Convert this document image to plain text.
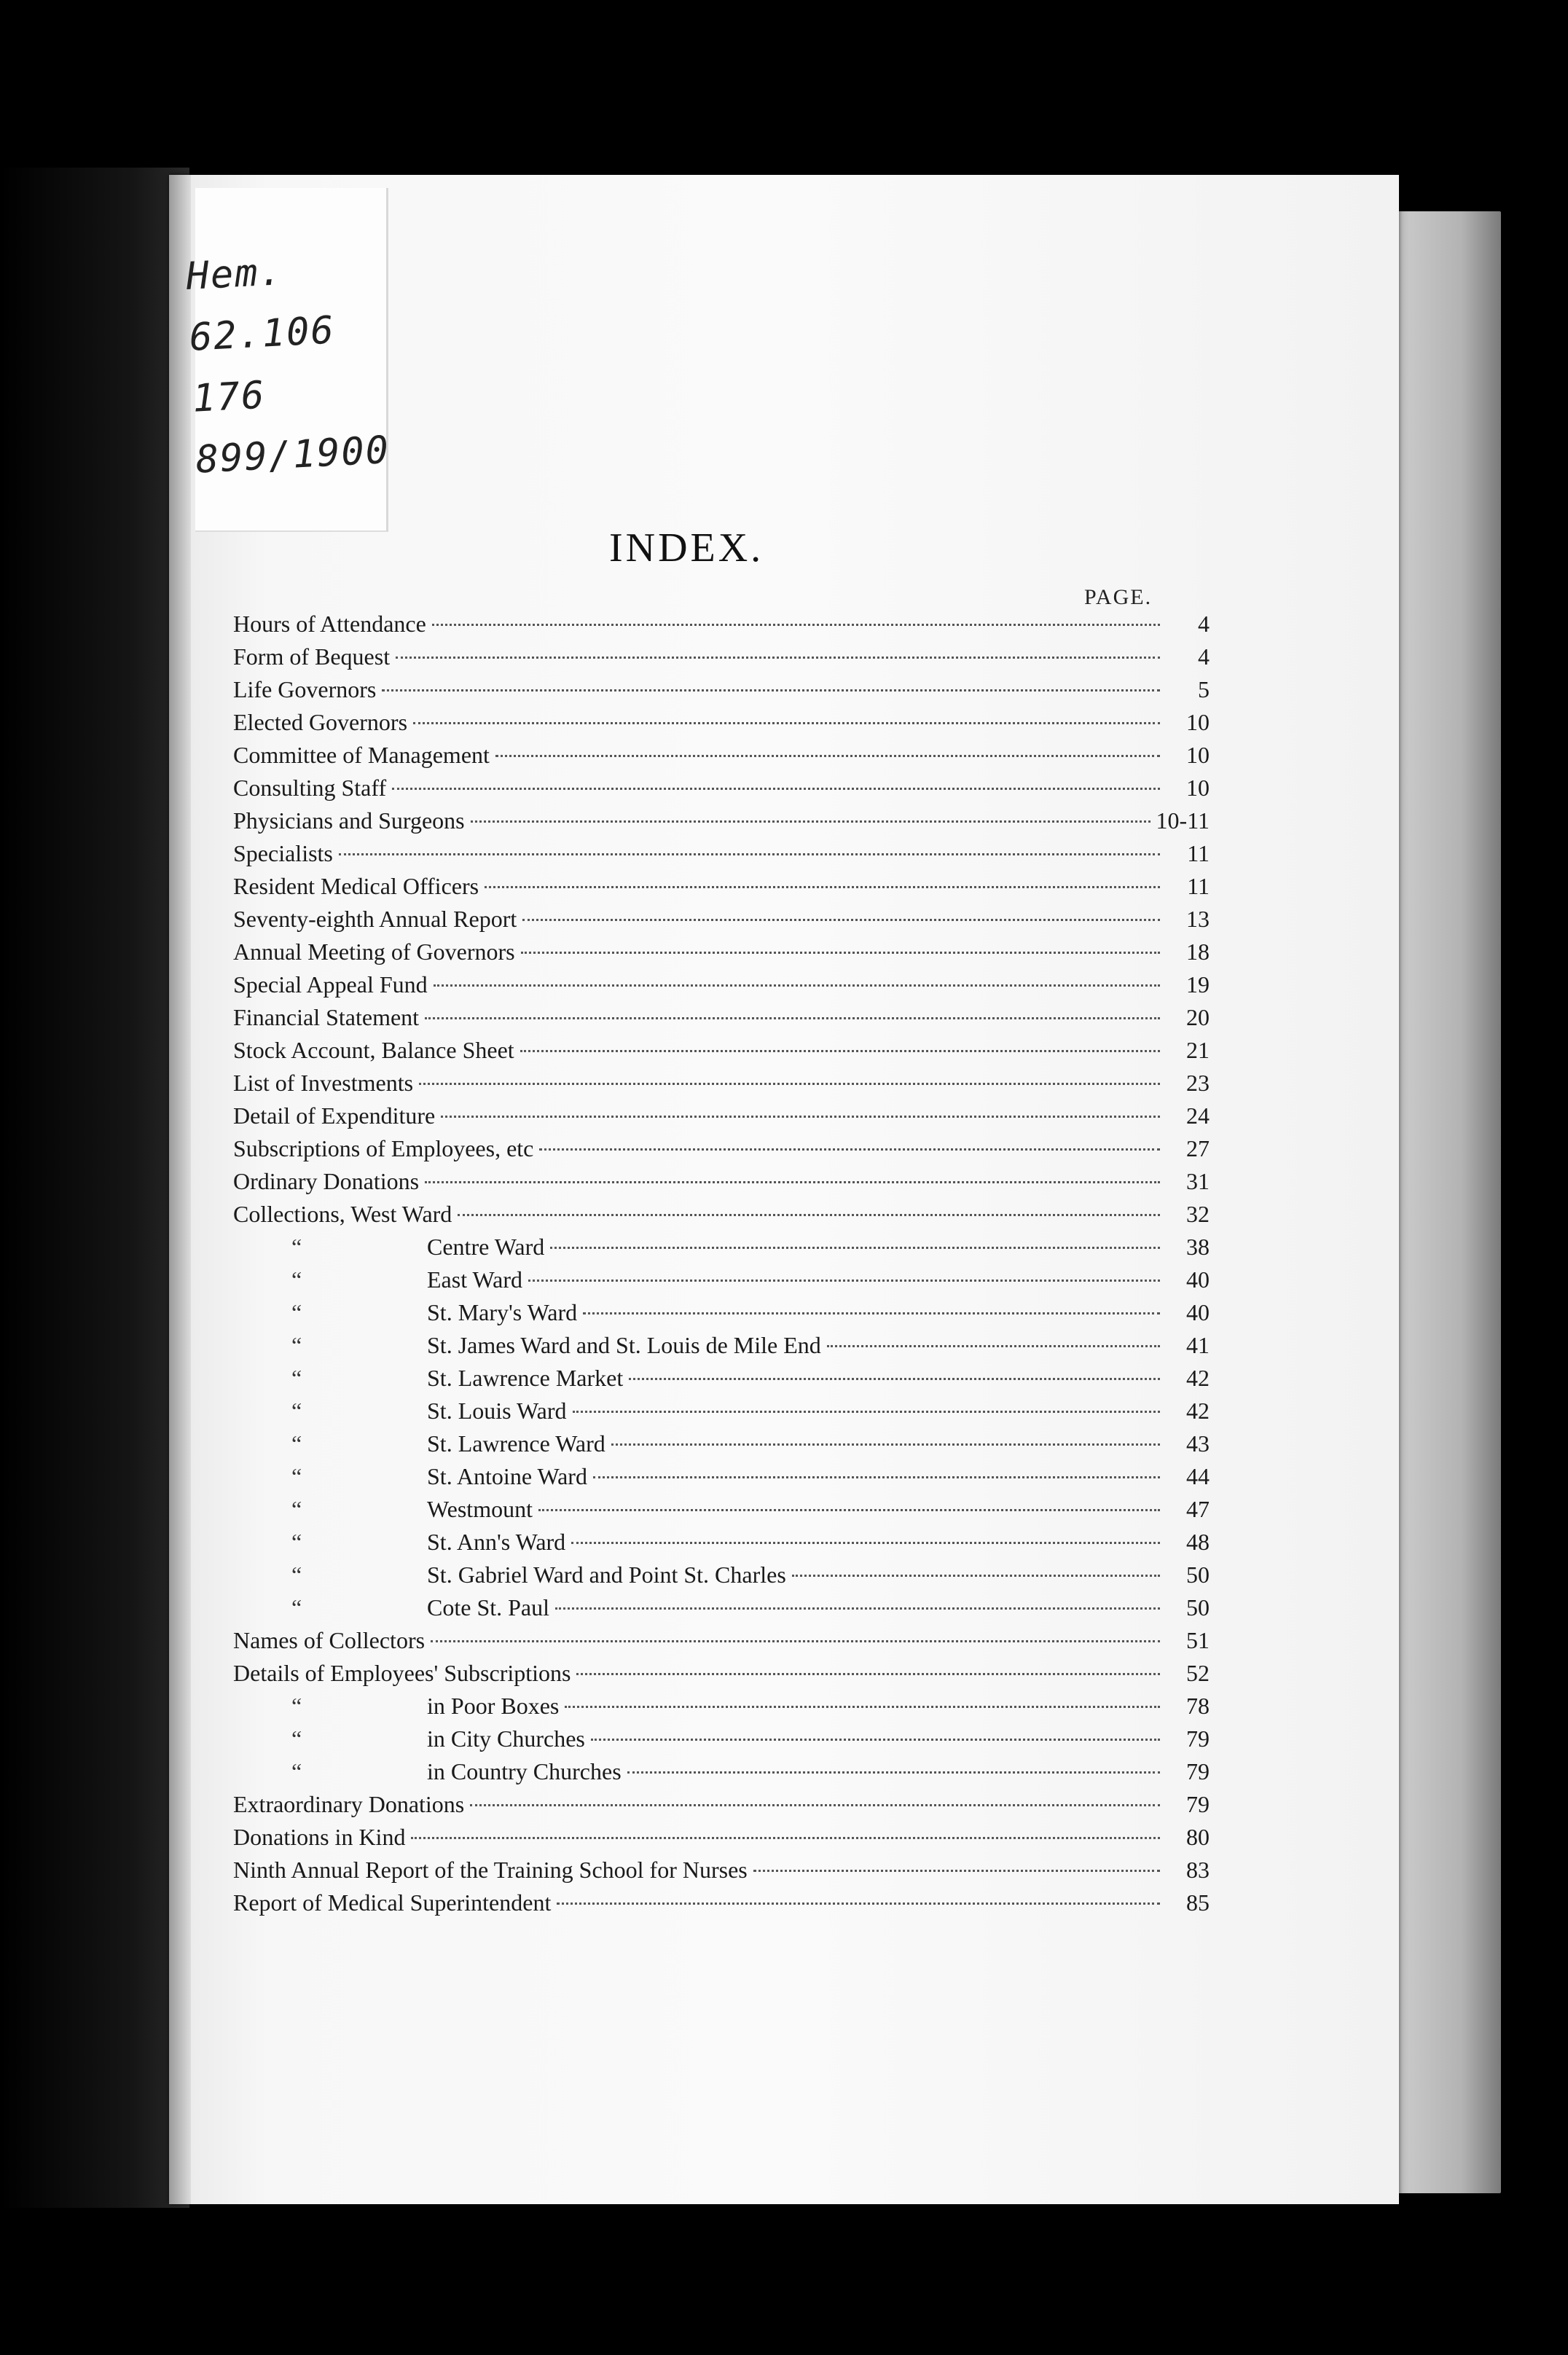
Hem.
62.106
176
899/1900
INDEX.
PAGE.
Hours of Attendance	4
Form of Bequest	4
Life Governors	5
Elected Governors	10
Committee of Management	10
Consulting Staff	10
Physicians and Surgeons	10-11
Specialists	11
Resident Medical Officers	11
Seventy-eighth Annual Report	13
Annual Meeting of Governors	18
Special Appeal Fund	19
Financial Statement	20
Stock Account, Balance Sheet	21
List of Investments	23
Detail of Expenditure	24
Subscriptions of Employees, etc	27
Ordinary Donations	31
Collections, West Ward	32
“	Centre Ward	38
“	East Ward	40
“	St. Mary's Ward	40
“	St. James Ward and St. Louis de Mile End	41
“	St. Lawrence Market	42
“	St. Louis Ward	42
“	St. Lawrence Ward	43
“	St. Antoine Ward	44
“	Westmount	47
“	St. Ann's Ward	48
“	St. Gabriel Ward and Point St. Charles	50
“	Cote St. Paul	50
Names of Collectors	51
Details of Employees' Subscriptions	52
“	in Poor Boxes	78
“	in City Churches	79
“	in Country Churches	79
Extraordinary Donations	79
Donations in Kind	80
Ninth Annual Report of the Training School for Nurses	83
Report of Medical Superintendent	85
